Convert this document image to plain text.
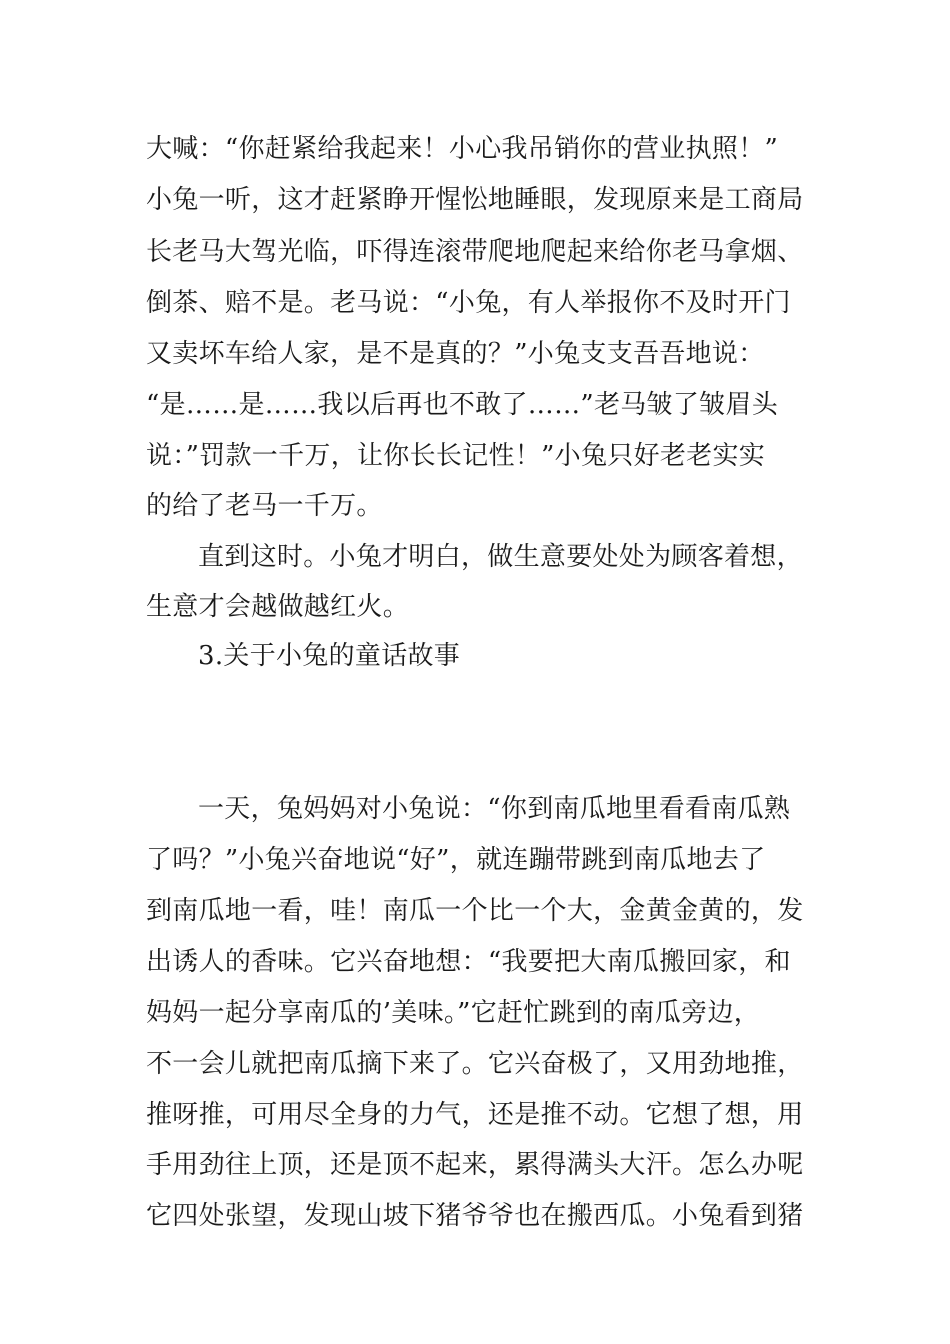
大喊：“你赶紧给我起来！小心我吊销你的营业执照！”
小兔一听，这才赶紧睁开惺忪地睡眼，发现原来是工商局
长老马大驾光临，吓得连滚带爬地爬起来给你老马拿烟、
倒茶、赔不是。老马说：“小兔，有人举报你不及时开门
又卖坏车给人家，是不是真的？”小兔支支吾吾地说：
“是……是……我以后再也不敢了……”老马皱了皱眉头
说：”罚款一千万，让你长长记性！”小兔只好老老实实
的给了老马一千万。
直到这时。小兔才明白，做生意要处处为顾客着想，
生意才会越做越红火。
3.关于小兔的童话故事
一天，兔妈妈对小兔说：“你到南瓜地里看看南瓜熟
了吗？”小兔兴奋地说“好”，就连蹦带跳到南瓜地去了
到南瓜地一看，哇！南瓜一个比一个大，金黄金黄的，发
出诱人的香味。它兴奋地想：“我要把大南瓜搬回家，和
妈妈一起分享南瓜的’美味。”它赶忙跳到的南瓜旁边，
不一会儿就把南瓜摘下来了。它兴奋极了，又用劲地推，
推呀推，可用尽全身的力气，还是推不动。它想了想，用
手用劲往上顶，还是顶不起来，累得满头大汗。怎么办呢
它四处张望，发现山坡下猪爷爷也在搬西瓜。小兔看到猪
